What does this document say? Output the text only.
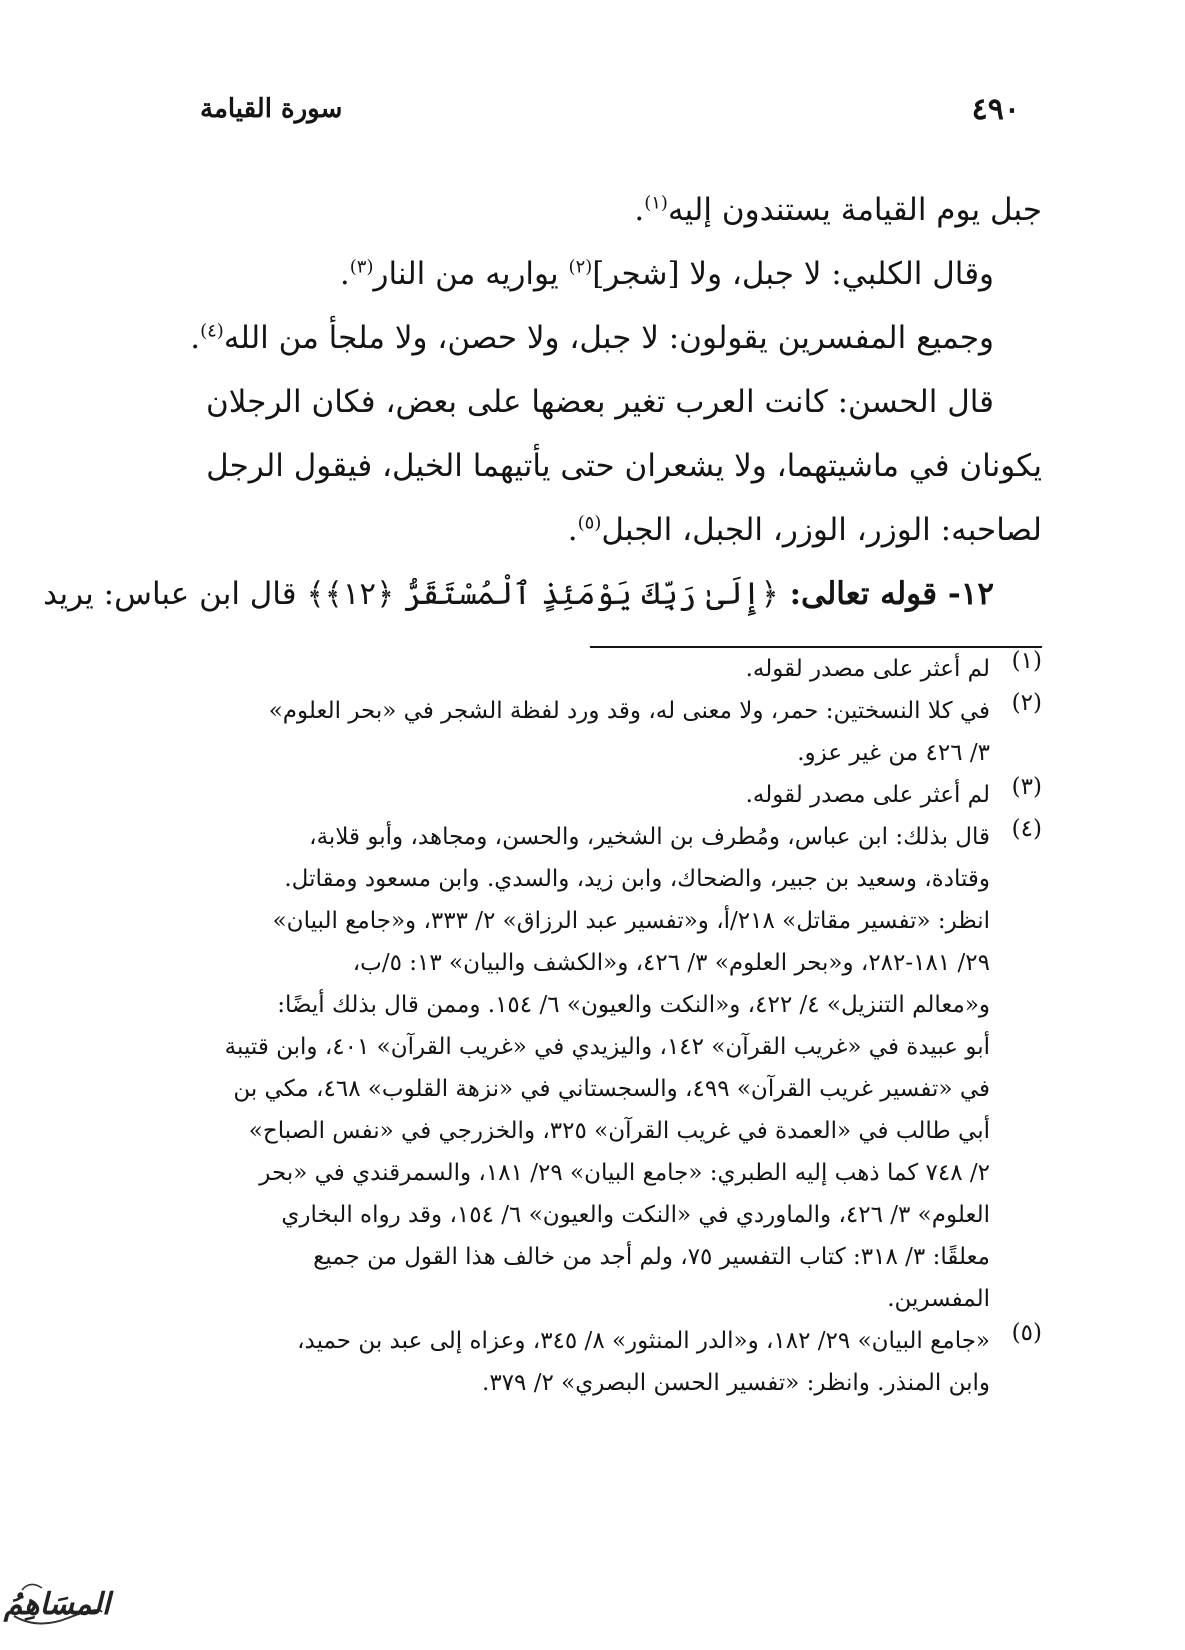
٤٩٠
سورة القيامة
جبل يوم القيامة يستندون إليه$^{(١)}$.
وقال الكلبي: لا جبل، ولا [شجر]$^{(٢)}$ يواريه من النار$^{(٣)}$.
وجميع المفسرين يقولون: لا جبل، ولا حصن، ولا ملجأ من الله$^{(٤)}$.
قال الحسن: كانت العرب تغير بعضها على بعض، فكان الرجلان
يكونان في ماشيتهما، ولا يشعران حتى يأتيهما الخيل، فيقول الرجل
لصاحبه: الوزر، الوزر، الجبل، الجبل$^{(٥)}$.
١٢- قوله تعالى: ﴿إِلَىٰ رَبِّكَ يَوْمَئِذٍ ٱلْمُسْتَقَرُّ ﴿١٢﴾﴾ قال ابن عباس: يريد
(١)
لم أعثر على مصدر لقوله.
(٢)
في كلا النسختين: حمر، ولا معنى له، وقد ورد لفظة الشجر في «بحر العلوم»
٣/ ٤٢٦ من غير عزو.
(٣)
لم أعثر على مصدر لقوله.
(٤)
قال بذلك: ابن عباس، ومُطرف بن الشخير، والحسن، ومجاهد، وأبو قلابة،
وقتادة، وسعيد بن جبير، والضحاك، وابن زيد، والسدي. وابن مسعود ومقاتل.
انظر: «تفسير مقاتل» ٢١٨/أ، و«تفسير عبد الرزاق» ٢/ ٣٣٣، و«جامع البيان»
٢٩/ ١٨١-٢٨٢، و«بحر العلوم» ٣/ ٤٢٦، و«الكشف والبيان» ١٣: ٥/ب،
و«معالم التنزيل» ٤/ ٤٢٢، و«النكت والعيون» ٦/ ١٥٤. وممن قال بذلك أيضًا:
أبو عبيدة في «غريب القرآن» ١٤٢، واليزيدي في «غريب القرآن» ٤٠١، وابن قتيبة
في «تفسير غريب القرآن» ٤٩٩، والسجستاني في «نزهة القلوب» ٤٦٨، مكي بن
أبي طالب في «العمدة في غريب القرآن» ٣٢٥، والخزرجي في «نفس الصباح»
٢/ ٧٤٨ كما ذهب إليه الطبري: «جامع البيان» ٢٩/ ١٨١، والسمرقندي في «بحر
العلوم» ٣/ ٤٢٦، والماوردي في «النكت والعيون» ٦/ ١٥٤، وقد رواه البخاري
معلقًا: ٣/ ٣١٨: كتاب التفسير ٧٥، ولم أجد من خالف هذا القول من جميع
المفسرين.
(٥)
«جامع البيان» ٢٩/ ١٨٢، و«الدر المنثور» ٨/ ٣٤٥، وعزاه إلى عبد بن حميد،
وابن المنذر. وانظر: «تفسير الحسن البصري» ٢/ ٣٧٩.
المسَاهِمُ
